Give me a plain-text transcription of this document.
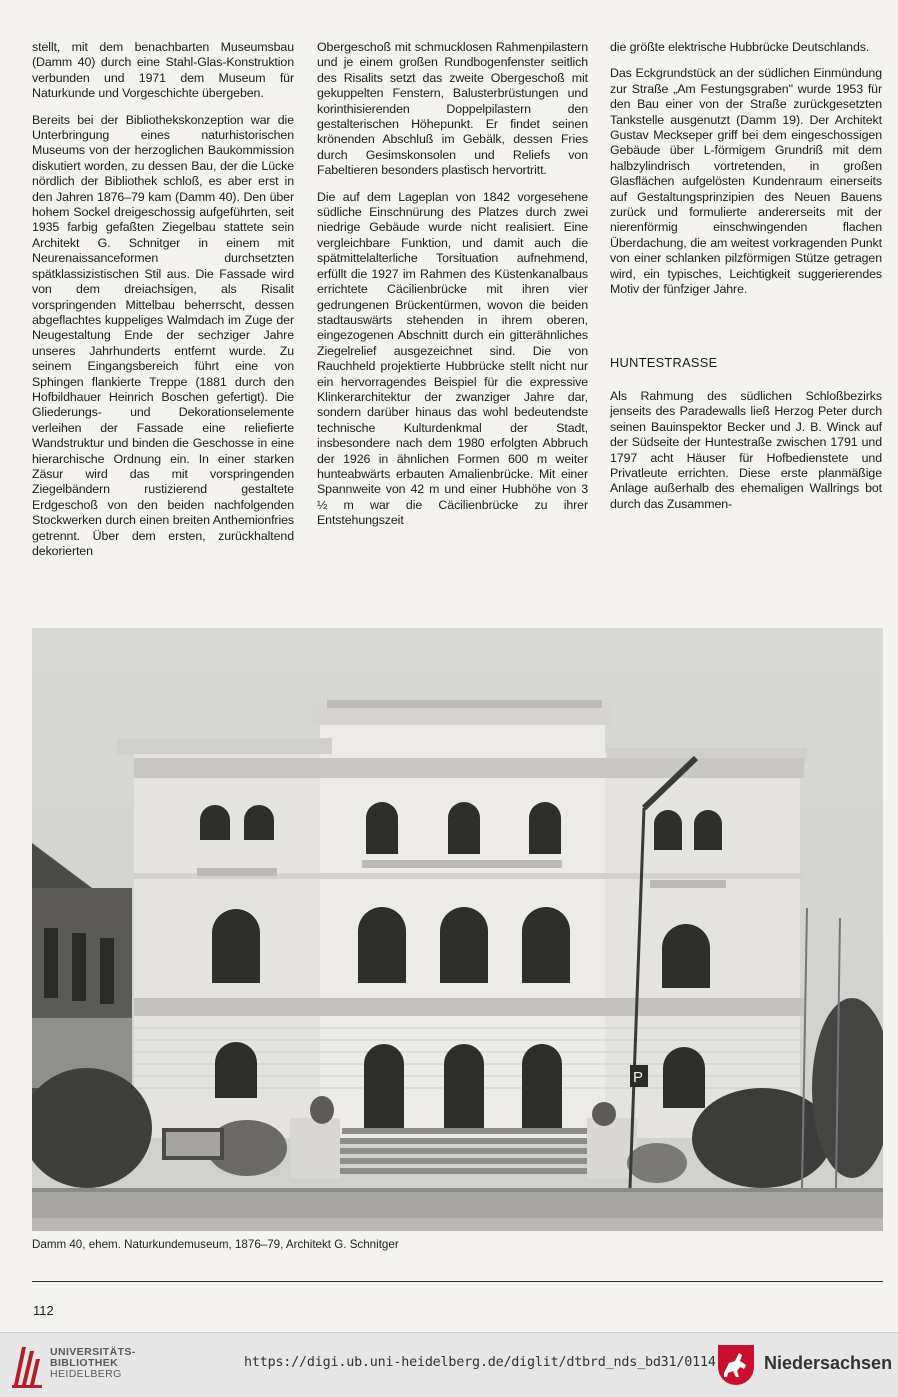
stellt, mit dem benachbarten Museumsbau (Damm 40) durch eine Stahl-Glas-Konstruktion verbunden und 1971 dem Museum für Naturkunde und Vorgeschichte übergeben.

Bereits bei der Bibliothekskonzeption war die Unterbringung eines naturhistorischen Museums von der herzoglichen Baukommission diskutiert worden, zu dessen Bau, der die Lücke nördlich der Bibliothek schloß, es aber erst in den Jahren 1876–79 kam (Damm 40). Den über hohem Sockel dreigeschossig aufgeführten, seit 1935 farbig gefaßten Ziegelbau stattete sein Architekt G. Schnitger in einem mit Neurenaissanceformen durchsetzten spätklassizistischen Stil aus. Die Fassade wird von dem dreiachsigen, als Risalit vorspringenden Mittelbau beherrscht, dessen abgeflachtes kuppeliges Walmdach im Zuge der Neugestaltung Ende der sechziger Jahre unseres Jahrhunderts entfernt wurde. Zu seinem Eingangsbereich führt eine von Sphingen flankierte Treppe (1881 durch den Hofbildhauer Heinrich Boschen gefertigt). Die Gliederungs- und Dekorationselemente verleihen der Fassade eine reliefierte Wandstruktur und binden die Geschosse in eine hierarchische Ordnung ein. In einer starken Zäsur wird das mit vorspringenden Ziegelbändern rustizierend gestaltete Erdgeschoß von den beiden nachfolgenden Stockwerken durch einen breiten Anthemionfries getrennt. Über dem ersten, zurückhaltend dekorierten

Obergeschoß mit schmucklosen Rahmenpilastern und je einem großen Rundbogenfenster seitlich des Risalits setzt das zweite Obergeschoß mit gekuppelten Fenstern, Balusterbrüstungen und korinthisierenden Doppelpilastern den gestalterischen Höhepunkt. Er findet seinen krönenden Abschluß im Gebälk, dessen Fries durch Gesimskonsolen und Reliefs von Fabeltieren besonders plastisch hervortritt.

Die auf dem Lageplan von 1842 vorgesehene südliche Einschnürung des Platzes durch zwei niedrige Gebäude wurde nicht realisiert. Eine vergleichbare Funktion, und damit auch die spätmittelalterliche Torsituation aufnehmend, erfüllt die 1927 im Rahmen des Küstenkanalbaus errichtete Cäcilienbrücke mit ihren vier gedrungenen Brückentürmen, wovon die beiden stadtauswärts stehenden in ihrem oberen, eingezogenen Abschnitt durch ein gitterähnliches Ziegelrelief ausgezeichnet sind. Die von Rauchheld projektierte Hubbrücke stellt nicht nur ein hervorragendes Beispiel für die expressive Klinkerarchitektur der zwanziger Jahre dar, sondern darüber hinaus das wohl bedeutendste technische Kulturdenkmal der Stadt, insbesondere nach dem 1980 erfolgten Abbruch der 1926 in ähnlichen Formen 600 m weiter hunteabwärts erbauten Amalienbrücke. Mit einer Spannweite von 42 m und einer Hubhöhe von 3 ½ m war die Cäcilienbrücke zu ihrer Entstehungszeit

die größte elektrische Hubbrücke Deutschlands.

Das Eckgrundstück an der südlichen Einmündung zur Straße „Am Festungsgraben" wurde 1953 für den Bau einer von der Straße zurückgesetzten Tankstelle ausgenutzt (Damm 19). Der Architekt Gustav Meckseper griff bei dem eingeschossigen Gebäude über L-förmigem Grundriß mit dem halbzylindrisch vortretenden, in großen Glasflächen aufgelösten Kundenraum einerseits auf Gestaltungsprinzipien des Neuen Bauens zurück und formulierte andererseits mit der nierenförmig einschwingenden flachen Überdachung, die am weitest vorkragenden Punkt von einer schlanken pilzförmigen Stütze getragen wird, ein typisches, Leichtigkeit suggerierendes Motiv der fünfziger Jahre.

HUNTESTRASSE

Als Rahmung des südlichen Schloßbezirks jenseits des Paradewalls ließ Herzog Peter durch seinen Bauinspektor Becker und J. B. Winck auf der Südseite der Huntestraße zwischen 1791 und 1797 acht Häuser für Hofbedienstete und Privatleute errichten. Diese erste planmäßige Anlage außerhalb des ehemaligen Wallrings bot durch das Zusammen-

P
Damm 40, ehem. Naturkundemuseum, 1876–79, Architekt G. Schnitger
112
UNIVERSITÄTS-
BIBLIOTHEK
HEIDELBERG
https://digi.ub.uni-heidelberg.de/diglit/dtbrd_nds_bd31/0114	Niedersachsen
